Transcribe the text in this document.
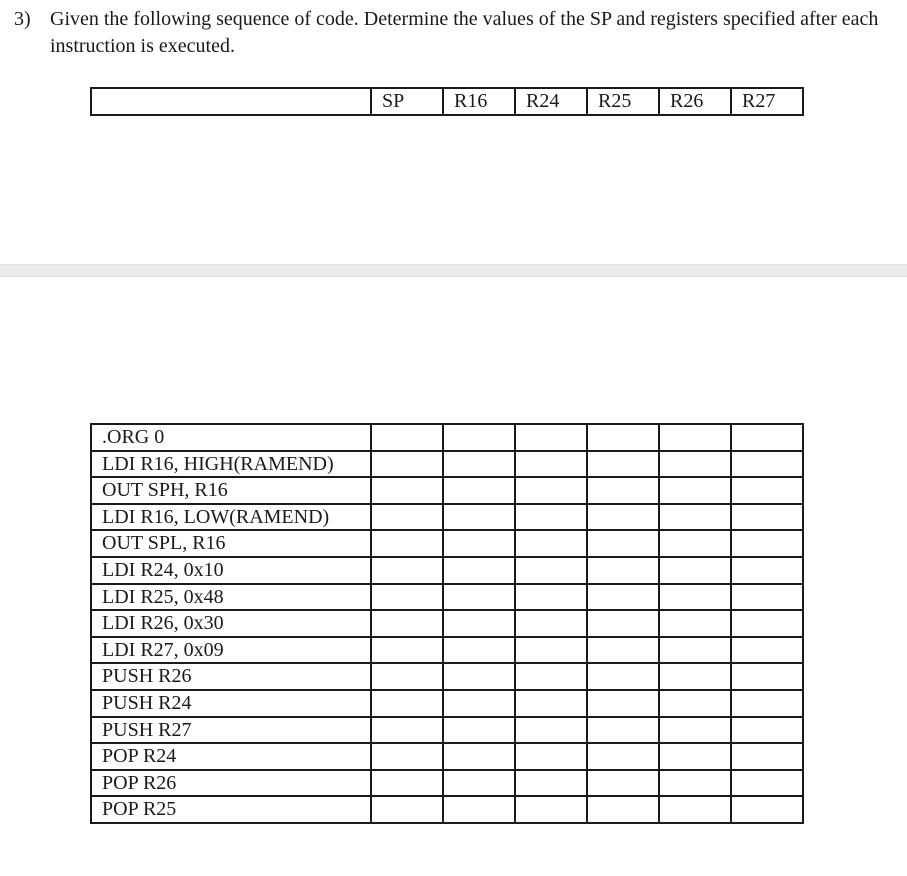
3) Given the following sequence of code. Determine the values of the SP and registers specified after each instruction is executed.
	SP	R16	R24	R25	R26	R27
.ORG 0						
LDI R16, HIGH(RAMEND)						
OUT SPH, R16						
LDI R16, LOW(RAMEND)						
OUT SPL, R16						
LDI R24, 0x10						
LDI R25, 0x48						
LDI R26, 0x30						
LDI R27, 0x09						
PUSH R26						
PUSH R24						
PUSH R27						
POP R24						
POP R26						
POP R25						
